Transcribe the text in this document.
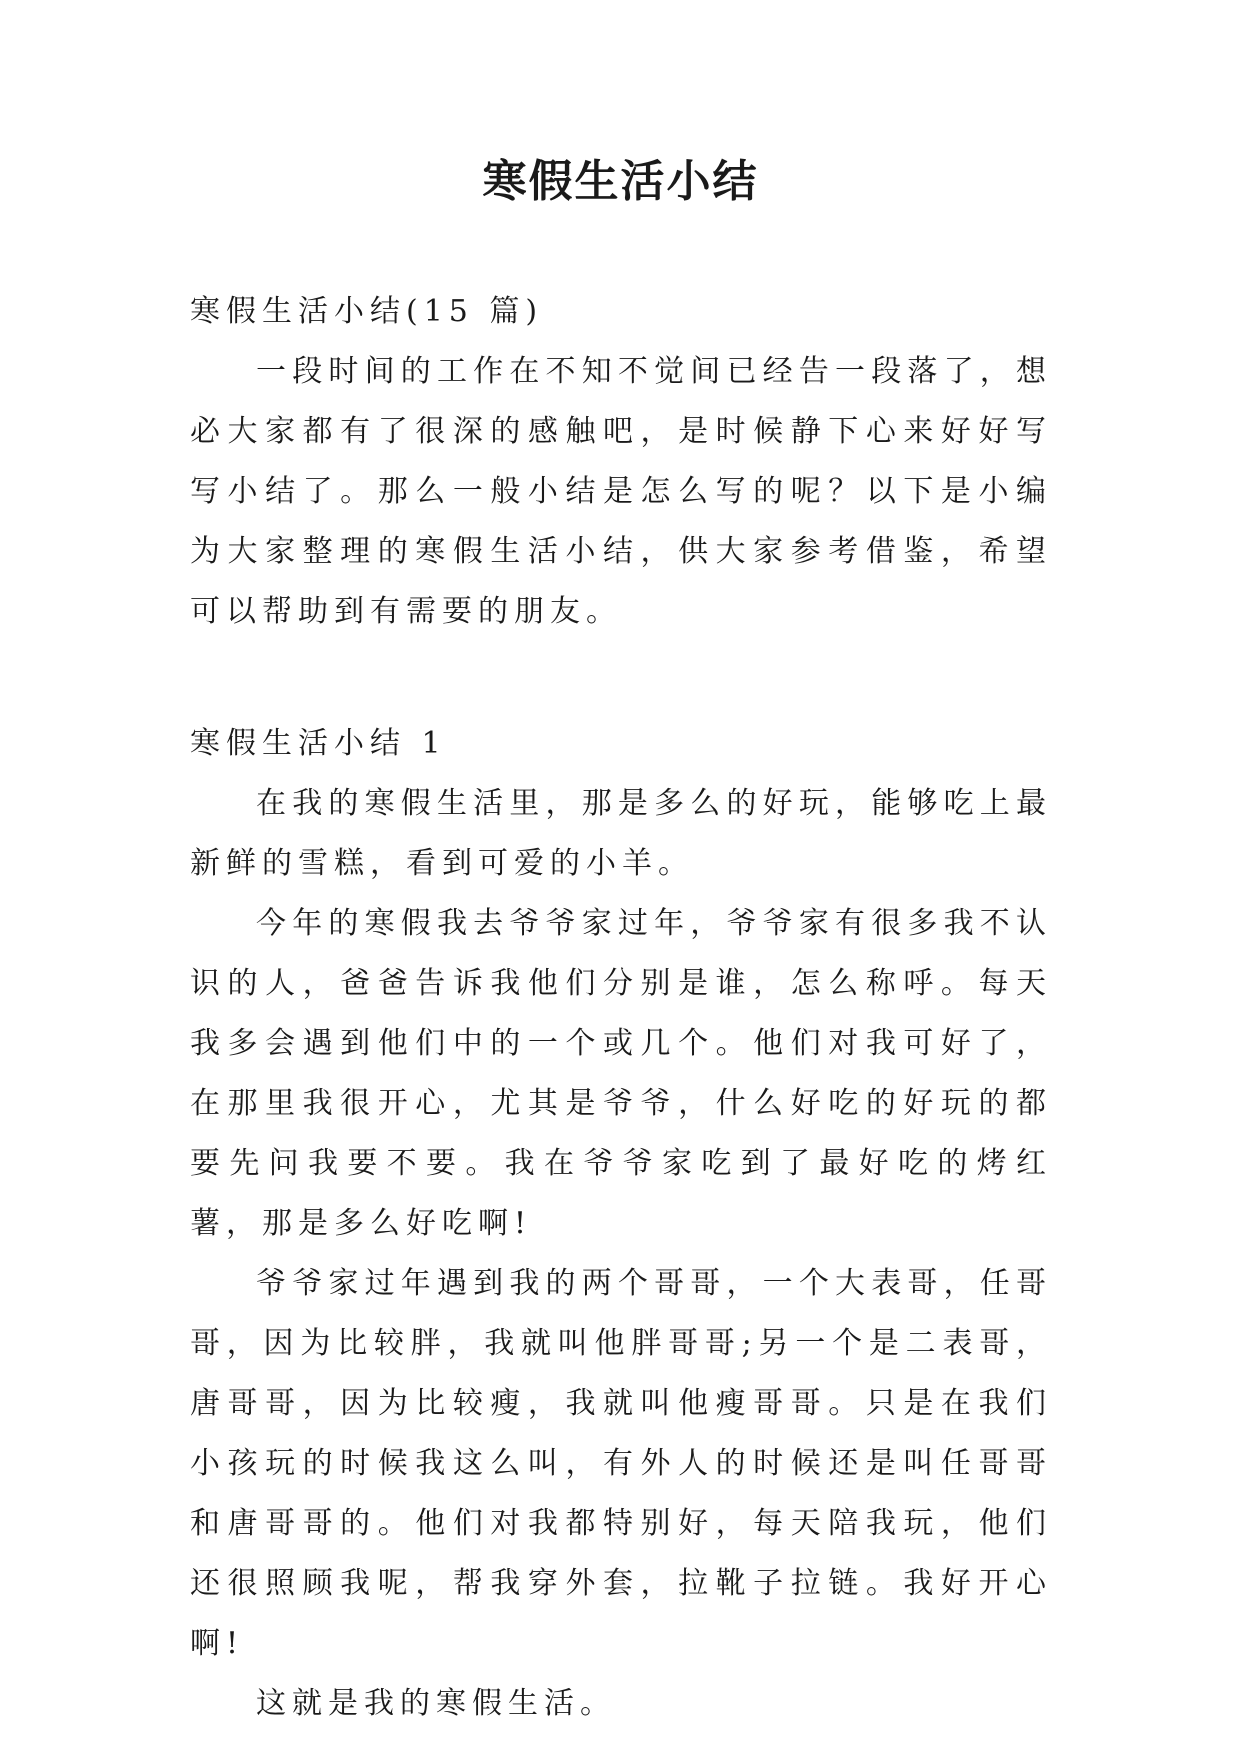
寒假生活小结

寒假生活小结(15 篇)

一段时间的工作在不知不觉间已经告一段落了，想必大家都有了很深的感触吧，是时候静下心来好好写写小结了。那么一般小结是怎么写的呢？以下是小编为大家整理的寒假生活小结，供大家参考借鉴，希望可以帮助到有需要的朋友。

寒假生活小结 1

在我的寒假生活里，那是多么的好玩，能够吃上最新鲜的雪糕，看到可爱的小羊。

今年的寒假我去爷爷家过年，爷爷家有很多我不认识的人，爸爸告诉我他们分别是谁，怎么称呼。每天我多会遇到他们中的一个或几个。他们对我可好了，在那里我很开心，尤其是爷爷，什么好吃的好玩的都要先问我要不要。我在爷爷家吃到了最好吃的烤红薯，那是多么好吃啊!

爷爷家过年遇到我的两个哥哥，一个大表哥，任哥哥，因为比较胖，我就叫他胖哥哥;另一个是二表哥，唐哥哥，因为比较瘦，我就叫他瘦哥哥。只是在我们小孩玩的时候我这么叫，有外人的时候还是叫任哥哥和唐哥哥的。他们对我都特别好，每天陪我玩，他们还很照顾我呢，帮我穿外套，拉靴子拉链。我好开心啊!

这就是我的寒假生活。
